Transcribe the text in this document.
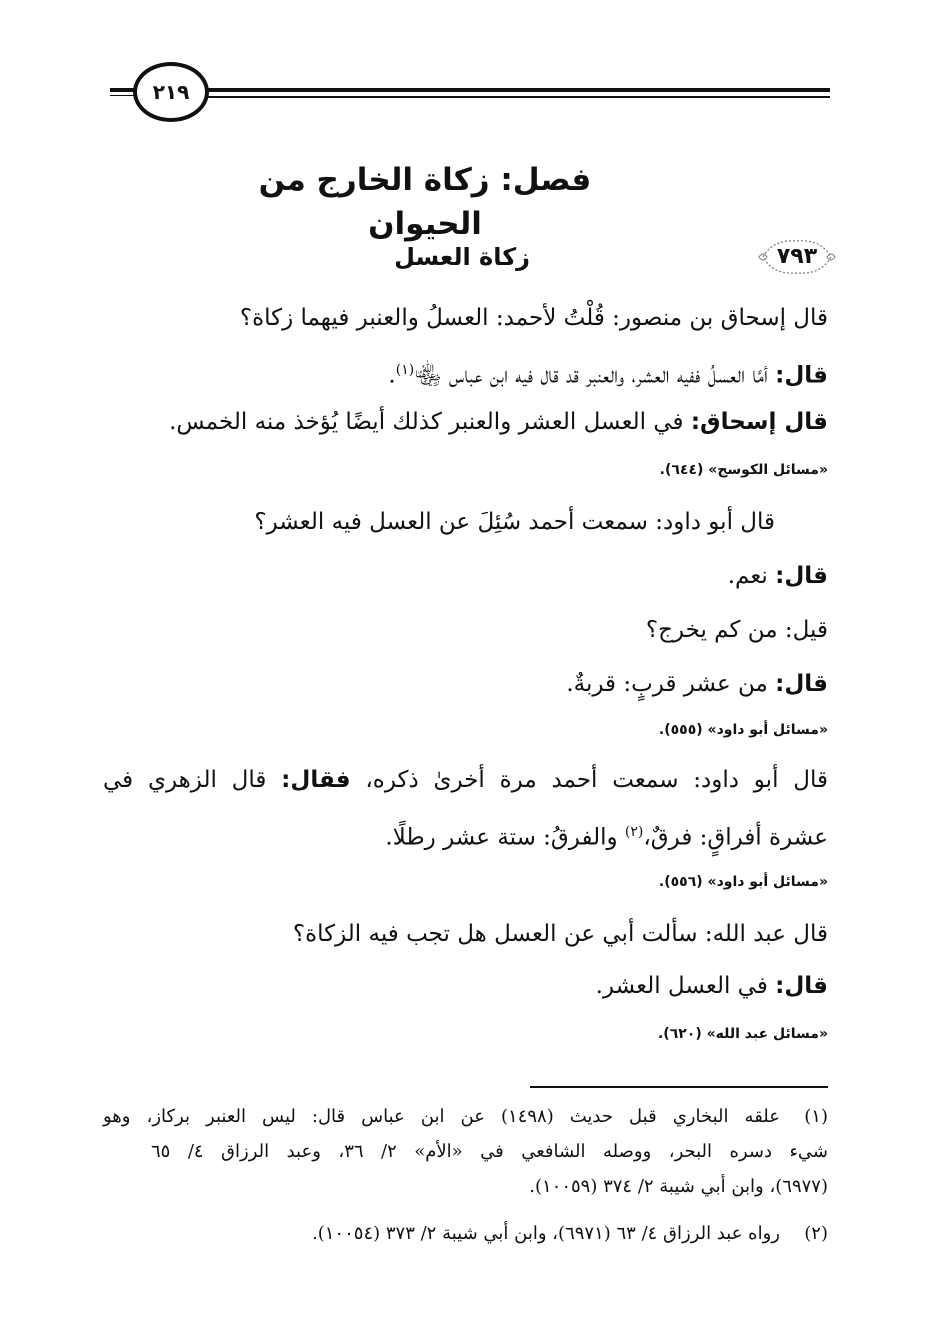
٢١٩
فصل: زكاة الخارج من الحيوان
٧٩٣
زكاة العسل
قال إسحاق بن منصور: قُلْتُ لأحمد: العسلُ والعنبر فيهما زكاة؟
قال: أمَّا العسلُ ففيه العشر، والعنبر قد قال فيه ابن عباس ﵄$^{(١)}$.
قال إسحاق: في العسل العشر والعنبر كذلك أيضًا يُؤخذ منه الخمس.
«مسائل الكوسج» (٦٤٤).
قال أبو داود: سمعت أحمد سُئِلَ عن العسل فيه العشر؟
قال: نعم.
قيل: من كم يخرج؟
قال: من عشر قربٍ: قربةٌ.
«مسائل أبو داود» (٥٥٥).
قال أبو داود: سمعت أحمد مرة أخرىٰ ذكره، فقال: قال الزهري في
عشرة أفراقٍ: فرقٌ،$^{(٢)}$ والفرقُ: ستة عشر رطلًا.
«مسائل أبو داود» (٥٥٦).
قال عبد الله: سألت أبي عن العسل هل تجب فيه الزكاة؟
قال: في العسل العشر.
«مسائل عبد الله» (٦٢٠).
(١)علقه البخاري قبل حديث (١٤٩٨) عن ابن عباس قال: ليس العنبر بركاز، وهو
شيء دسره البحر، ووصله الشافعي في «الأم» ٢/ ٣٦، وعبد الرزاق ٤/ ٦٥
(٦٩٧٧)، وابن أبي شيبة ٢/ ٣٧٤ (١٠٠٥٩).
(٢)رواه عبد الرزاق ٤/ ٦٣ (٦٩٧١)، وابن أبي شيبة ٢/ ٣٧٣ (١٠٠٥٤).
